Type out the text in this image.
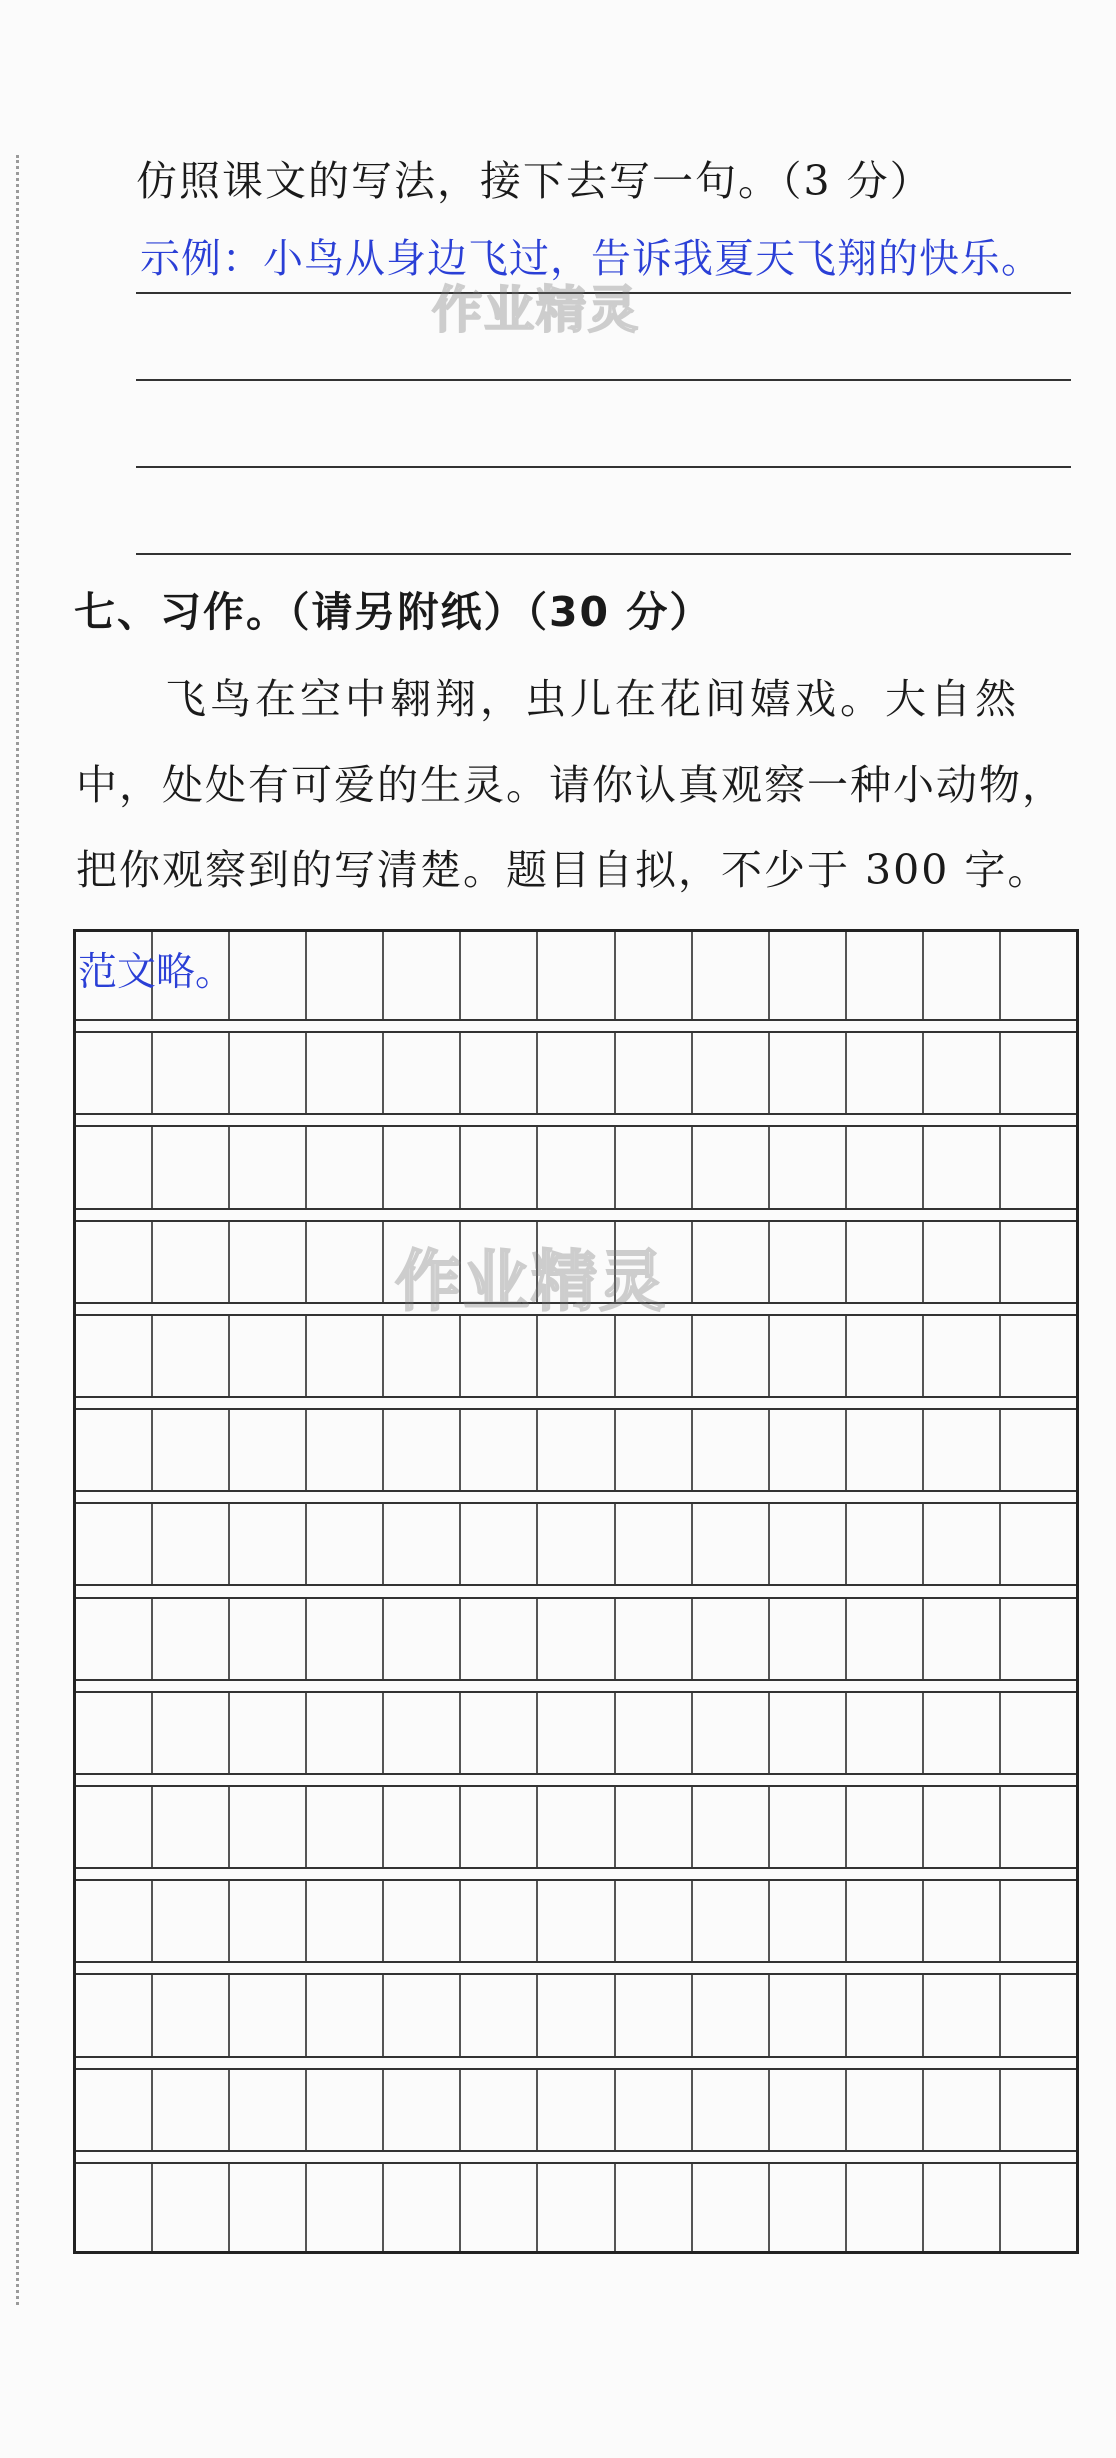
仿照课文的写法，接下去写一句。（3 分）
示例：小鸟从身边飞过，告诉我夏天飞翔的快乐。
作业精灵
七、习作。（请另附纸）（30 分）
飞鸟在空中翱翔，虫儿在花间嬉戏。大自然
中，处处有可爱的生灵。请你认真观察一种小动物，
把你观察到的写清楚。题目自拟，不少于 300 字。
范文略。
作业精灵
